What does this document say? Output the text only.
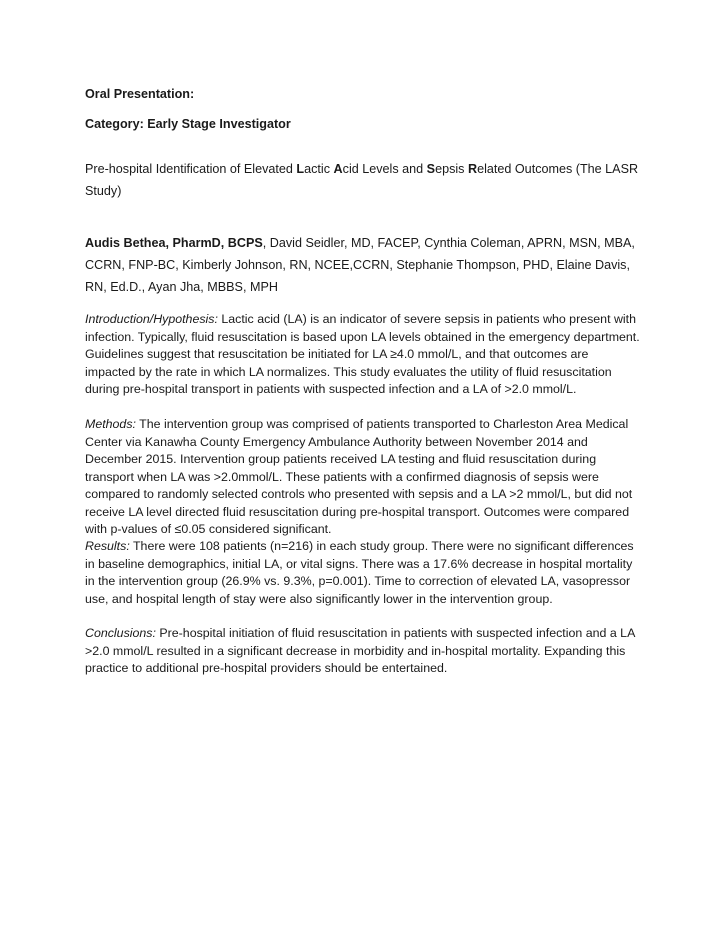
Oral Presentation:

Category: Early Stage Investigator

Pre-hospital Identification of Elevated Lactic Acid Levels and Sepsis Related Outcomes (The LASR Study)

Audis Bethea, PharmD, BCPS, David Seidler, MD, FACEP, Cynthia Coleman, APRN, MSN, MBA, CCRN, FNP-BC, Kimberly Johnson, RN, NCEE,CCRN, Stephanie Thompson, PHD, Elaine Davis, RN, Ed.D., Ayan Jha, MBBS, MPH

Introduction/Hypothesis: Lactic acid (LA) is an indicator of severe sepsis in patients who present with infection. Typically, fluid resuscitation is based upon LA levels obtained in the emergency department. Guidelines suggest that resuscitation be initiated for LA ≥4.0 mmol/L, and that outcomes are impacted by the rate in which LA normalizes. This study evaluates the utility of fluid resuscitation during pre-hospital transport in patients with suspected infection and a LA of >2.0 mmol/L.

Methods: The intervention group was comprised of patients transported to Charleston Area Medical Center via Kanawha County Emergency Ambulance Authority between November 2014 and December 2015. Intervention group patients received LA testing and fluid resuscitation during transport when LA was >2.0mmol/L. These patients with a confirmed diagnosis of sepsis were compared to randomly selected controls who presented with sepsis and a LA >2 mmol/L, but did not receive LA level directed fluid resuscitation during pre-hospital transport. Outcomes were compared with p-values of ≤0.05 considered significant.

Results: There were 108 patients (n=216) in each study group. There were no significant differences in baseline demographics, initial LA, or vital signs. There was a 17.6% decrease in hospital mortality in the intervention group (26.9% vs. 9.3%, p=0.001). Time to correction of elevated LA, vasopressor use, and hospital length of stay were also significantly lower in the intervention group.

Conclusions: Pre-hospital initiation of fluid resuscitation in patients with suspected infection and a LA >2.0 mmol/L resulted in a significant decrease in morbidity and in-hospital mortality. Expanding this practice to additional pre-hospital providers should be entertained.
